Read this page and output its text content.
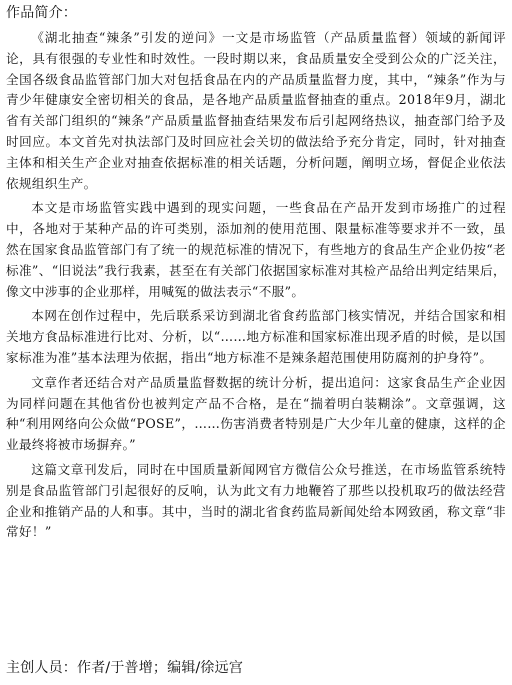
作品简介：

《湖北抽查“辣条”引发的逆问》一文是市场监管（产品质量监督）领域的新闻评论，具有很强的专业性和时效性。一段时期以来，食品质量安全受到公众的广泛关注，全国各级食品监管部门加大对包括食品在内的产品质量监督力度，其中，“辣条”作为与青少年健康安全密切相关的食品，是各地产品质量监督抽查的重点。2018年9月，湖北省有关部门组织的“辣条”产品质量监督抽查结果发布后引起网络热议，抽查部门给予及时回应。本文首先对执法部门及时回应社会关切的做法给予充分肯定，同时，针对抽查主体和相关生产企业对抽查依据标准的相关话题，分析问题，阐明立场，督促企业依法依规组织生产。

本文是市场监管实践中遇到的现实问题，一些食品在产品开发到市场推广的过程中，各地对于某种产品的许可类别，添加剂的使用范围、限量标准等要求并不一致，虽然在国家食品监管部门有了统一的规范标准的情况下，有些地方的食品生产企业仍按“老标准”、“旧说法”我行我素，甚至在有关部门依据国家标准对其检产品给出判定结果后，像文中涉事的企业那样，用喊冤的做法表示“不服”。

本网在创作过程中，先后联系采访到湖北省食药监部门核实情况，并结合国家和相关地方食品标准进行比对、分析，以“……地方标准和国家标准出现矛盾的时候，是以国家标准为准”基本法理为依据，指出“地方标准不是辣条超范围使用防腐剂的护身符”。

文章作者还结合对产品质量监督数据的统计分析，提出追问：这家食品生产企业因为同样问题在其他省份也被判定产品不合格，是在“揣着明白装糊涂”。文章强调，这种“利用网络向公众做“POSE”，……伤害消费者特别是广大少年儿童的健康，这样的企业最终将被市场摒弃。”

这篇文章刊发后，同时在中国质量新闻网官方微信公众号推送，在市场监管系统特别是食品监管部门引起很好的反响，认为此文有力地鞭笞了那些以投机取巧的做法经营企业和推销产品的人和事。其中，当时的湖北省食药监局新闻处给本网致函，称文章“非常好！”

主创人员：作者/于普增；编辑/徐远宫
